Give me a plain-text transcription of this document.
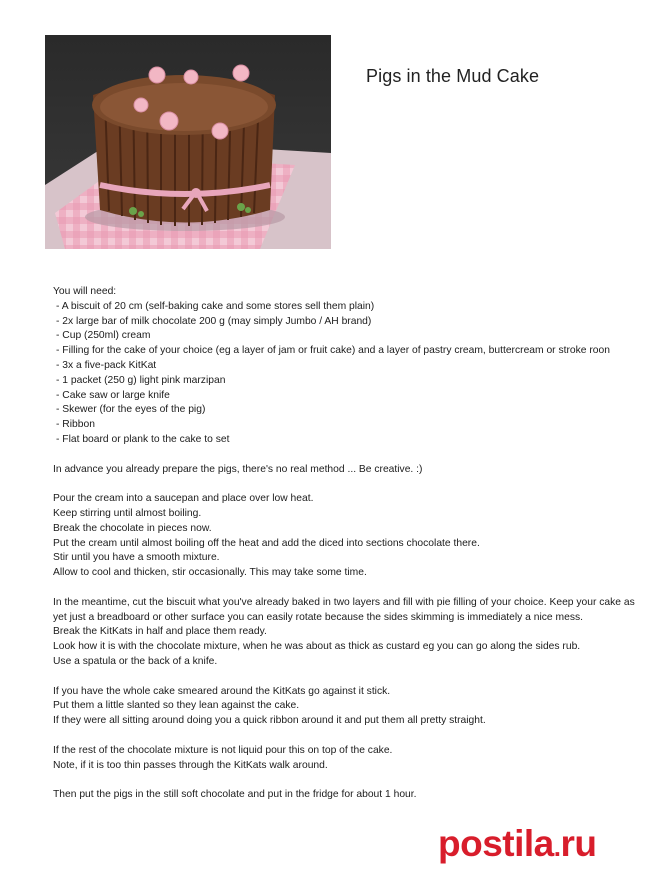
Pigs in the Mud Cake

You will need:

- A biscuit of 20 cm (self-baking cake and some stores sell them plain)
- 2x large bar of milk chocolate 200 g (may simply Jumbo / AH brand)
- Cup (250ml) cream
- Filling for the cake of your choice (eg a layer of jam or fruit cake) and a layer of pastry cream, buttercream or stroke roon
- 3x a five-pack KitKat
- 1 packet (250 g) light pink marzipan
- Cake saw or large knife
- Skewer (for the eyes of the pig)
- Ribbon
- Flat board or plank to the cake to set

In advance you already prepare the pigs, there's no real method ... Be creative. :)

Pour the cream into a saucepan and place over low heat.

Keep stirring until almost boiling.

Break the chocolate in pieces now.

Put the cream until almost boiling off the heat and add the diced into sections chocolate there.

Stir until you have a smooth mixture.

Allow to cool and thicken, stir occasionally. This may take some time.

In the meantime, cut the biscuit what you've already baked in two layers and fill with pie filling of your choice. Keep your cake as yet just a breadboard or other surface you can easily rotate because the sides skimming is immediately a nice mess.

Break the KitKats in half and place them ready.

Look how it is with the chocolate mixture, when he was about as thick as custard eg you can go along the sides rub.

Use a spatula or the back of a knife.

If you have the whole cake smeared around the KitKats go against it stick.

Put them a little slanted so they lean against the cake.

If they were all sitting around doing you a quick ribbon around it and put them all pretty straight.

If the rest of the chocolate mixture is not liquid pour this on top of the cake.

Note, if it is too thin passes through the KitKats walk around.

Then put the pigs in the still soft chocolate and put in the fridge for about 1 hour.

postila.ru
